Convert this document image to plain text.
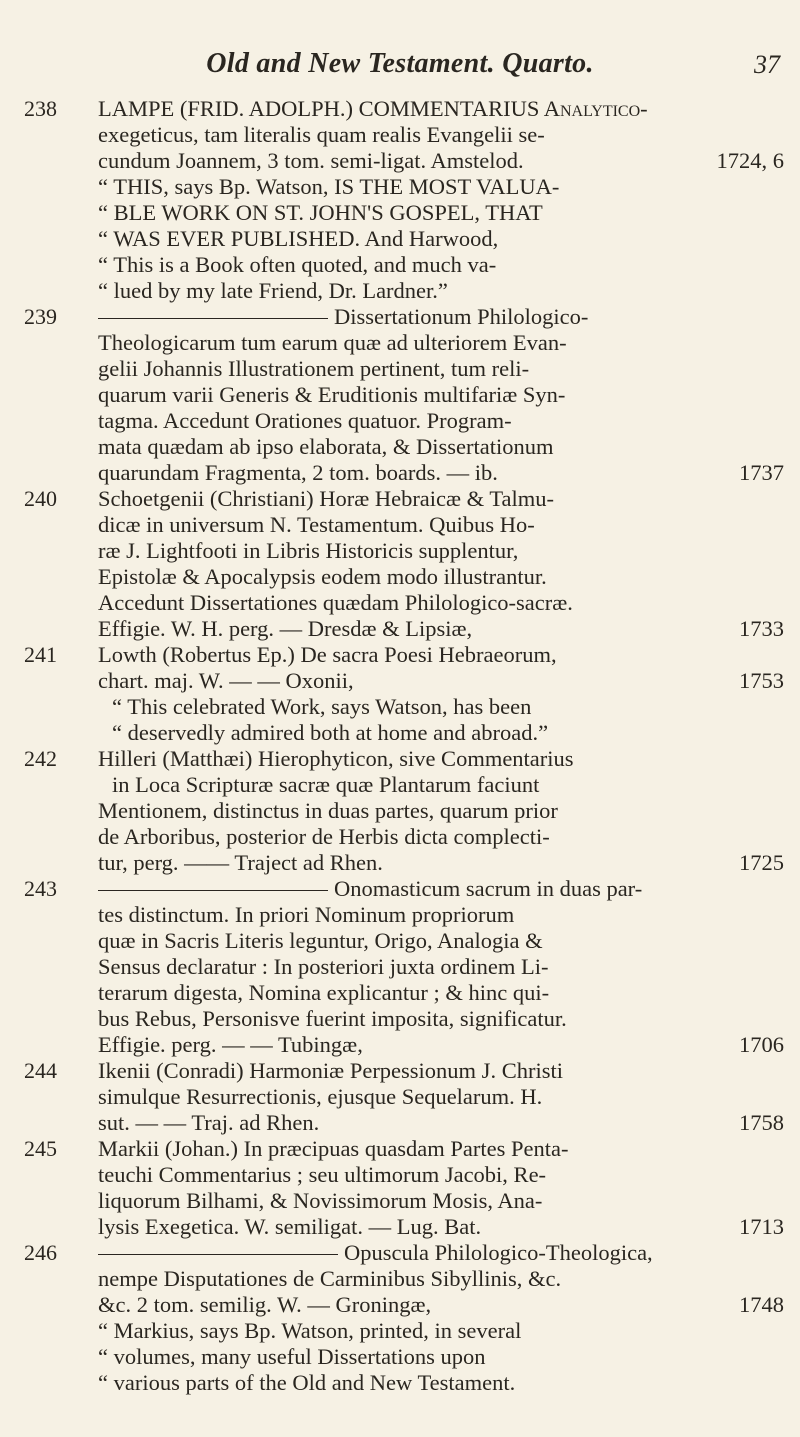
Old and New Testament. Quarto.	37
238	LAMPE (FRID. ADOLPH.) COMMENTARIUS Analytico-
exegeticus, tam literalis quam realis Evangelii se-
cundum Joannem, 3 tom. semi-ligat. Amstelod.	1724, 6
“ THIS, says Bp. Watson, IS THE MOST VALUA-
“ BLE WORK ON ST. JOHN'S GOSPEL, THAT
“ WAS EVER PUBLISHED. And Harwood,
“ This is a Book often quoted, and much va-
“ lued by my late Friend, Dr. Lardner.”
239	Dissertationum Philologico-
Theologicarum tum earum quæ ad ulteriorem Evan-
gelii Johannis Illustrationem pertinent, tum reli-
quarum varii Generis & Eruditionis multifariæ Syn-
tagma. Accedunt Orationes quatuor. Program-
mata quædam ab ipso elaborata, & Dissertationum
quarundam Fragmenta, 2 tom. boards. — ib.	1737
240	Schoetgenii (Christiani) Horæ Hebraicæ & Talmu-
dicæ in universum N. Testamentum. Quibus Ho-
ræ J. Lightfooti in Libris Historicis supplentur,
Epistolæ & Apocalypsis eodem modo illustrantur.
Accedunt Dissertationes quædam Philologico-sacræ.
Effigie. W. H. perg. — Dresdæ & Lipsiæ,	1733
241	Lowth (Robertus Ep.) De sacra Poesi Hebraeorum,
chart. maj. W. — — Oxonii,	1753
“ This celebrated Work, says Watson, has been
“ deservedly admired both at home and abroad.”
242	Hilleri (Matthæi) Hierophyticon, sive Commentarius
in Loca Scripturæ sacræ quæ Plantarum faciunt
Mentionem, distinctus in duas partes, quarum prior
de Arboribus, posterior de Herbis dicta complecti-
tur, perg. —— Traject ad Rhen.	1725
243	Onomasticum sacrum in duas par-
tes distinctum. In priori Nominum propriorum
quæ in Sacris Literis leguntur, Origo, Analogia &
Sensus declaratur : In posteriori juxta ordinem Li-
terarum digesta, Nomina explicantur ; & hinc qui-
bus Rebus, Personisve fuerint imposita, significatur.
Effigie. perg. — — Tubingæ,	1706
244	Ikenii (Conradi) Harmoniæ Perpessionum J. Christi
simulque Resurrectionis, ejusque Sequelarum. H.
sut. — — Traj. ad Rhen.	1758
245	Markii (Johan.) In præcipuas quasdam Partes Penta-
teuchi Commentarius ; seu ultimorum Jacobi, Re-
liquorum Bilhami, & Novissimorum Mosis, Ana-
lysis Exegetica. W. semiligat. — Lug. Bat.	1713
246	Opuscula Philologico-Theologica,
nempe Disputationes de Carminibus Sibyllinis, &c.
&c. 2 tom. semilig. W. — Groningæ,	1748
“ Markius, says Bp. Watson, printed, in several
“ volumes, many useful Dissertations upon
“ various parts of the Old and New Testament.
